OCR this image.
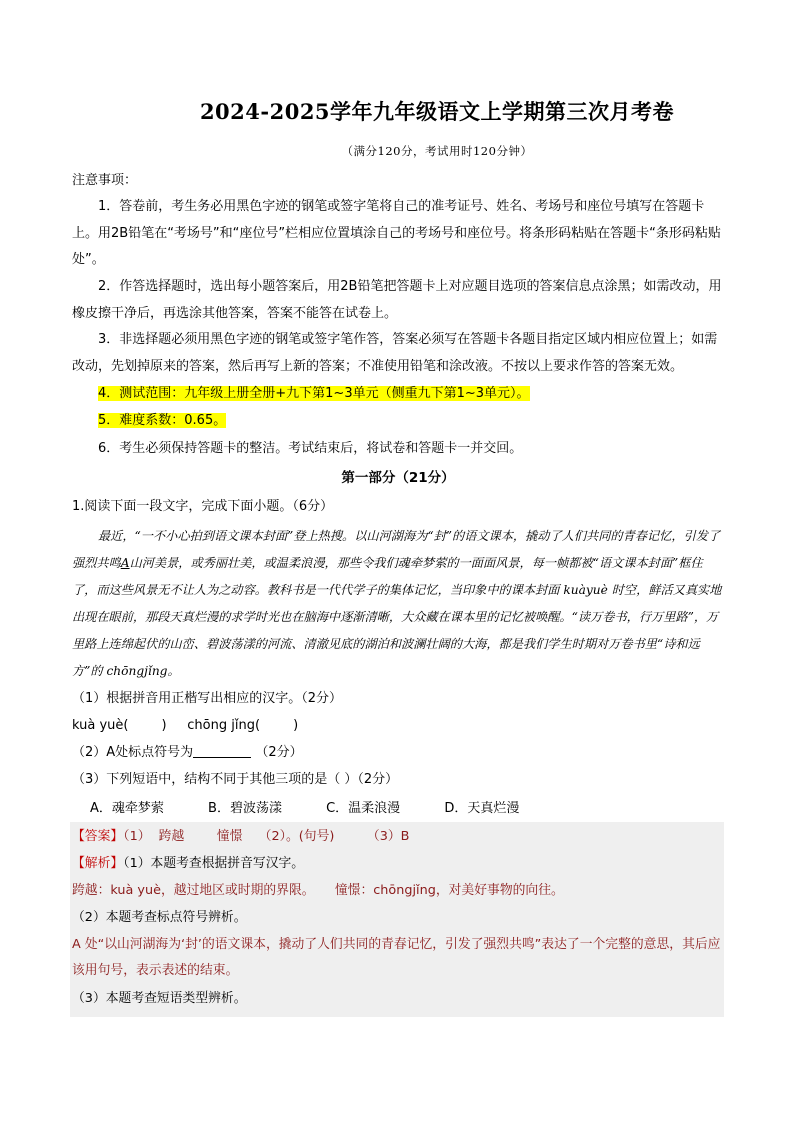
2024-2025学年九年级语文上学期第三次月考卷
（满分120分，考试用时120分钟）

注意事项：

1．答卷前，考生务必用黑色字迹的钢笔或签字笔将自己的准考证号、姓名、考场号和座位号填写在答题卡上。用2B铅笔在“考场号”和“座位号”栏相应位置填涂自己的考场号和座位号。将条形码粘贴在答题卡“条形码粘贴处”。

2．作答选择题时，选出每小题答案后，用2B铅笔把答题卡上对应题目选项的答案信息点涂黑；如需改动，用橡皮擦干净后，再选涂其他答案，答案不能答在试卷上。

3．非选择题必须用黑色字迹的钢笔或签字笔作答，答案必须写在答题卡各题目指定区域内相应位置上；如需改动，先划掉原来的答案，然后再写上新的答案；不准使用铅笔和涂改液。不按以上要求作答的答案无效。

4．测试范围：九年级上册全册+九下第1~3单元（侧重九下第1~3单元）。

5．难度系数：0.65。

6．考生必须保持答题卡的整洁。考试结束后，将试卷和答题卡一并交回。

第一部分（21分）

1.阅读下面一段文字，完成下面小题。（6分）

最近，“一不小心拍到语文课本封面”登上热搜。以山河湖海为“封”的语文课本，撬动了人们共同的青春记忆，引发了强烈共鸣A山河美景，或秀丽壮美，或温柔浪漫，那些令我们魂牵梦萦的一面面风景，每一帧都被“语文课本封面”框住了，而这些风景无不让人为之动容。教科书是一代代学子的集体记忆，当印象中的课本封面 kuàyuè 时空，鲜活又真实地出现在眼前，那段天真烂漫的求学时光也在脑海中逐渐清晰，大众藏在课本里的记忆被唤醒。“读万卷书，行万里路”，万里路上连绵起伏的山峦、碧波荡漾的河流、清澈见底的湖泊和波澜壮阔的大海，都是我们学生时期对万卷书里“诗和远方”的 chōngjǐng。

（1）根据拼音用正楷写出相应的汉字。（2分）

kuà yuè(        )     chōng jǐng(        )

（2）A处标点符号为	（2分）

（3）下列短语中，结构不同于其他三项的是（ ）（2分）

A．魂牵梦萦	B．碧波荡漾	C．温柔浪漫	D．天真烂漫

【答案】（1）  跨越        憧憬    （2）。(句号)        （3）B

【解析】（1）本题考查根据拼音写汉字。

跨越：kuà yuè，越过地区或时期的界限。     憧憬：chōngjǐng，对美好事物的向往。

（2）本题考查标点符号辨析。

A 处“以山河湖海为‘封’的语文课本，撬动了人们共同的青春记忆，引发了强烈共鸣”表达了一个完整的意思，其后应该用句号，表示表述的结束。

（3）本题考查短语类型辨析。
